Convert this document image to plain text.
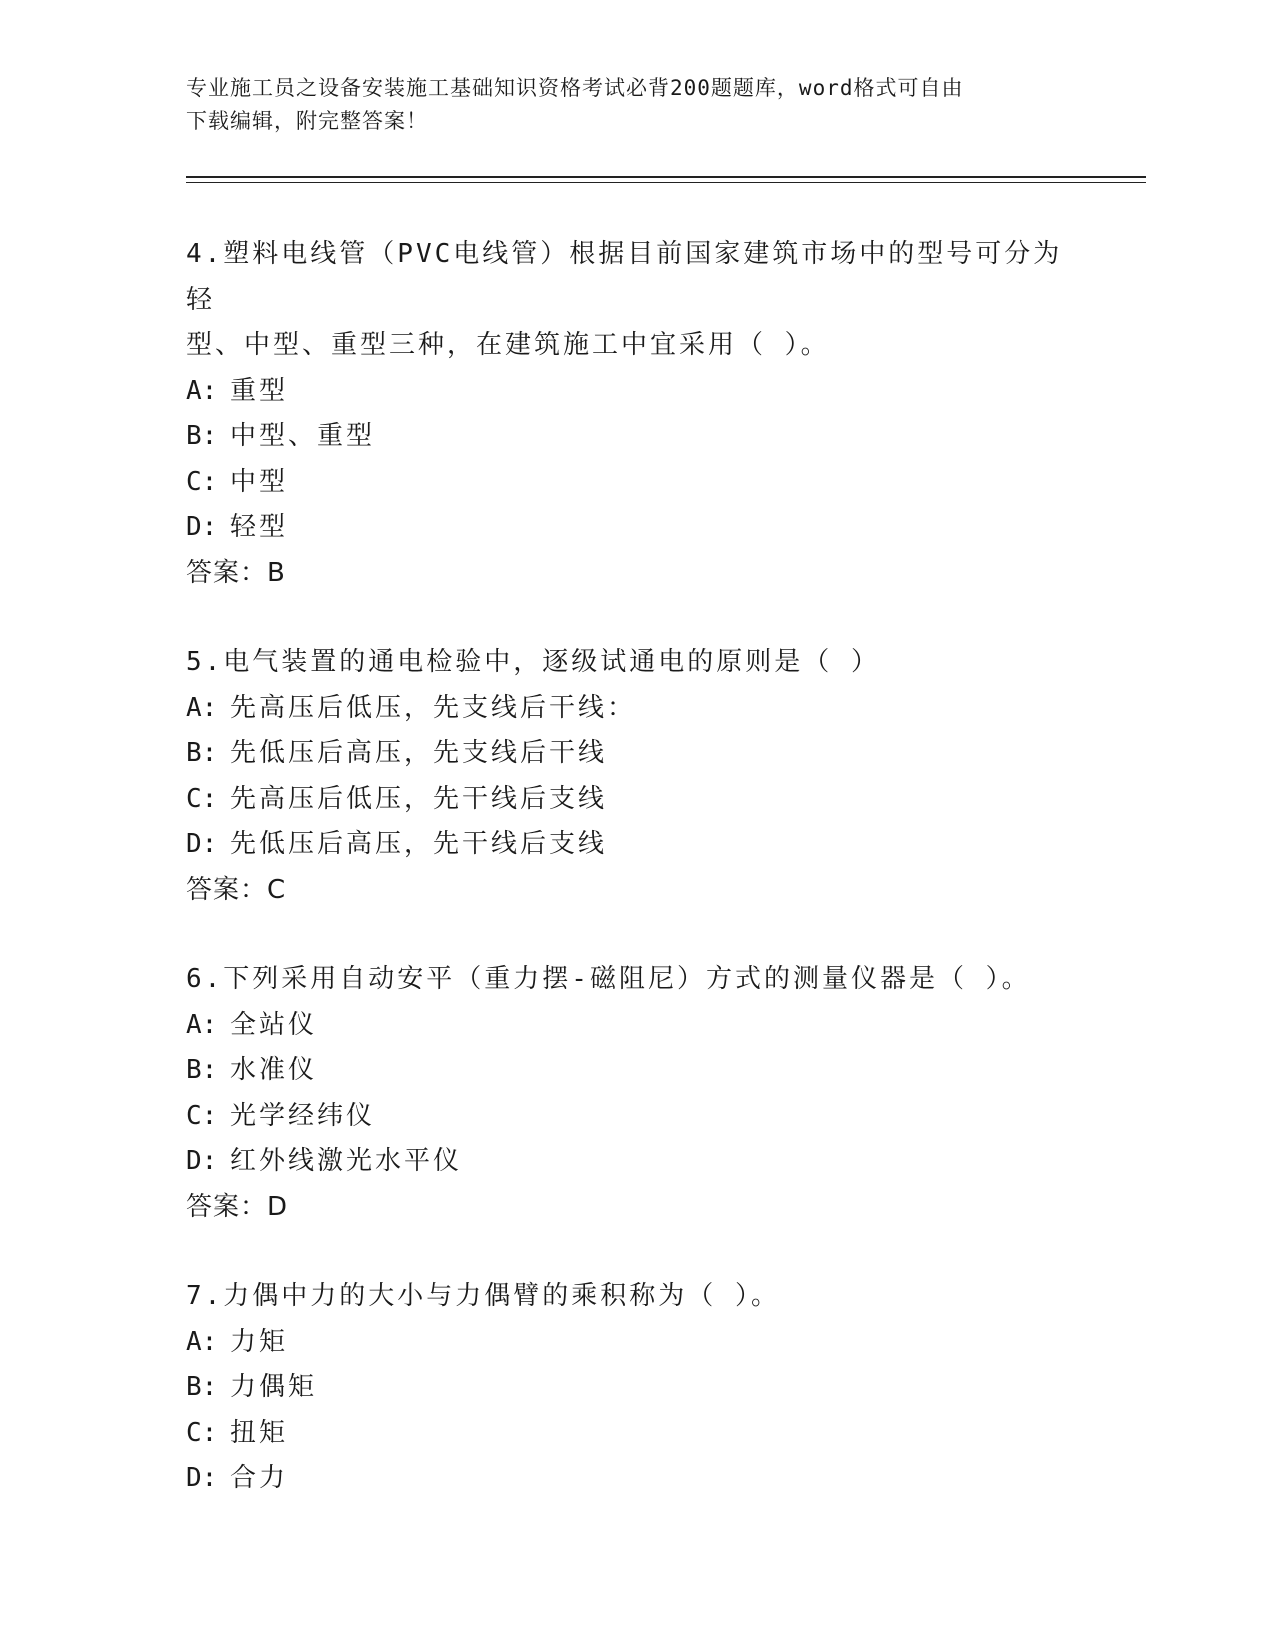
专业施工员之设备安装施工基础知识资格考试必背200题题库，word格式可自由
下载编辑，附完整答案！

4.塑料电线管（PVC电线管）根据目前国家建筑市场中的型号可分为轻

型、中型、重型三种，在建筑施工中宜采用（ ）。

A: 重型

B: 中型、重型

C: 中型

D: 轻型

答案：B

5.电气装置的通电检验中，逐级试通电的原则是（ ）

A: 先高压后低压，先支线后干线：

B: 先低压后高压，先支线后干线

C: 先高压后低压，先干线后支线

D: 先低压后高压，先干线后支线

答案：C

6.下列采用自动安平（重力摆-磁阻尼）方式的测量仪器是（ ）。

A: 全站仪

B: 水准仪

C: 光学经纬仪

D: 红外线激光水平仪

答案：D

7.力偶中力的大小与力偶臂的乘积称为（ ）。

A: 力矩

B: 力偶矩

C: 扭矩

D: 合力
